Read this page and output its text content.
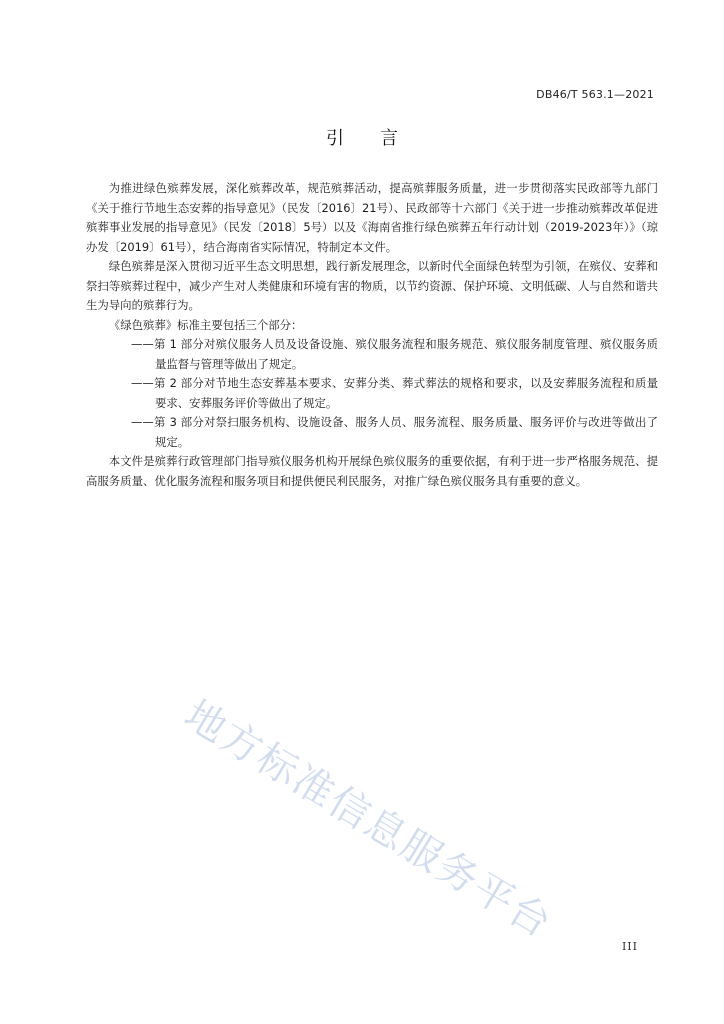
DB46/T 563.1—2021
引言

为推进绿色殡葬发展，深化殡葬改革，规范殡葬活动，提高殡葬服务质量，进一步贯彻落实民政部等九部门《关于推行节地生态安葬的指导意见》（民发〔2016〕21号）、民政部等十六部门《关于进一步推动殡葬改革促进殡葬事业发展的指导意见》（民发〔2018〕5号）以及《海南省推行绿色殡葬五年行动计划（2019-2023年）》（琼办发〔2019〕61号），结合海南省实际情况，特制定本文件。

绿色殡葬是深入贯彻习近平生态文明思想，践行新发展理念，以新时代全面绿色转型为引领，在殡仪、安葬和祭扫等殡葬过程中，减少产生对人类健康和环境有害的物质，以节约资源、保护环境、文明低碳、人与自然和谐共生为导向的殡葬行为。

《绿色殡葬》标准主要包括三个部分：

——第 1 部分对殡仪服务人员及设备设施、殡仪服务流程和服务规范、殡仪服务制度管理、殡仪服务质量监督与管理等做出了规定。

——第 2 部分对节地生态安葬基本要求、安葬分类、葬式葬法的规格和要求，以及安葬服务流程和质量要求、安葬服务评价等做出了规定。

——第 3 部分对祭扫服务机构、设施设备、服务人员、服务流程、服务质量、服务评价与改进等做出了规定。

本文件是殡葬行政管理部门指导殡仪服务机构开展绿色殡仪服务的重要依据，有利于进一步严格服务规范、提高服务质量、优化服务流程和服务项目和提供便民利民服务，对推广绿色殡仪服务具有重要的意义。

地方标准信息服务平台	III
